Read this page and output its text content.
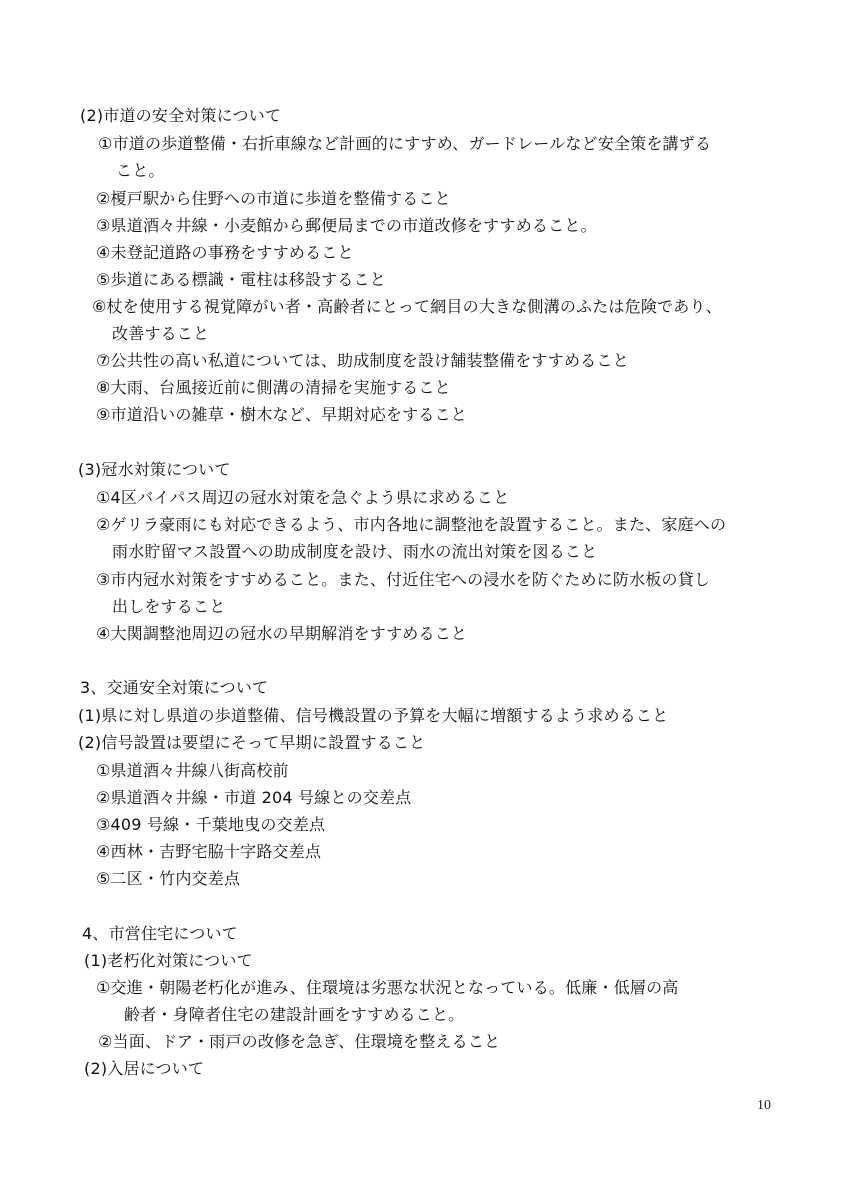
(2)市道の安全対策について
①市道の歩道整備・右折車線など計画的にすすめ、ガードレールなど安全策を講ずる
こと。
②榎戸駅から住野への市道に歩道を整備すること
③県道酒々井線・小麦館から郵便局までの市道改修をすすめること。
④未登記道路の事務をすすめること
⑤歩道にある標識・電柱は移設すること
⑥杖を使用する視覚障がい者・高齢者にとって網目の大きな側溝のふたは危険であり、
改善すること
⑦公共性の高い私道については、助成制度を設け舗装整備をすすめること
⑧大雨、台風接近前に側溝の清掃を実施すること
⑨市道沿いの雑草・樹木など、早期対応をすること
(3)冠水対策について
①4区バイパス周辺の冠水対策を急ぐよう県に求めること
②ゲリラ豪雨にも対応できるよう、市内各地に調整池を設置すること。また、家庭への
雨水貯留マス設置への助成制度を設け、雨水の流出対策を図ること
③市内冠水対策をすすめること。また、付近住宅への浸水を防ぐために防水板の貸し
出しをすること
④大関調整池周辺の冠水の早期解消をすすめること
3、交通安全対策について
(1)県に対し県道の歩道整備、信号機設置の予算を大幅に増額するよう求めること
(2)信号設置は要望にそって早期に設置すること
①県道酒々井線八街高校前
②県道酒々井線・市道 204 号線との交差点
③409 号線・千葉地曳の交差点
④西林・吉野宅脇十字路交差点
⑤二区・竹内交差点
4、市営住宅について
(1)老朽化対策について
①交進・朝陽老朽化が進み、住環境は劣悪な状況となっている。低廉・低層の高
齢者・身障者住宅の建設計画をすすめること。
②当面、ドア・雨戸の改修を急ぎ、住環境を整えること
(2)入居について
10
